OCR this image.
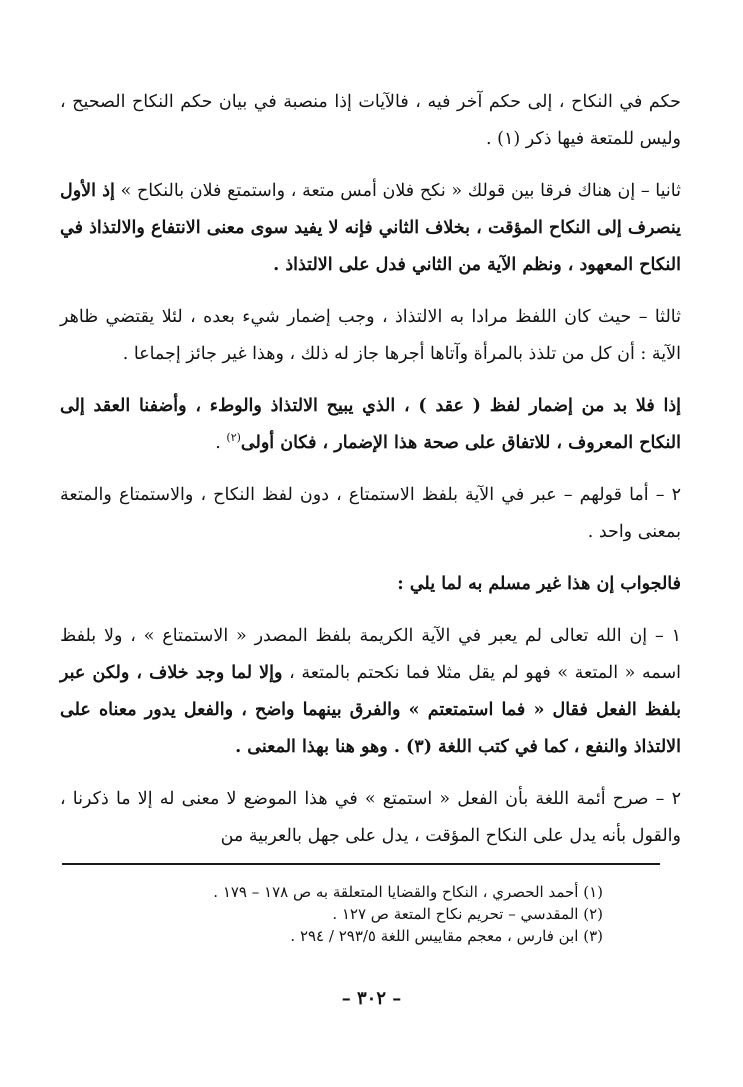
حكم في النكاح ، إلى حكم آخر فيه ، فالآيات إذا منصبة في بيان حكم النكاح الصحيح ، وليس للمتعة فيها ذكر (١) .

ثانيا – إن هناك فرقا بين قولك « نكح فلان أمس متعة ، واستمتع فلان بالنكاح » إذ الأول ينصرف إلى النكاح المؤقت ، بخلاف الثاني فإنه لا يفيد سوى معنى الانتفاع والالتذاذ في النكاح المعهود ، ونظم الآية من الثاني فدل على الالتذاذ .

ثالثا – حيث كان اللفظ مرادا به الالتذاذ ، وجب إضمار شيء بعده ، لئلا يقتضي ظاهر الآية : أن كل من تلذذ بالمرأة وآتاها أجرها جاز له ذلك ، وهذا غير جائز إجماعا .

إذا فلا بد من إضمار لفظ ( عقد ) ، الذي يبيح الالتذاذ والوطء ، وأضفنا العقد إلى النكاح المعروف ، للاتفاق على صحة هذا الإضمار ، فكان أولى$^{(٢)}$ .

٢ – أما قولهم – عبر في الآية بلفظ الاستمتاع ، دون لفظ النكاح ، والاستمتاع والمتعة بمعنى واحد .

فالجواب إن هذا غير مسلم به لما يلي :

١ – إن الله تعالى لم يعبر في الآية الكريمة بلفظ المصدر « الاستمتاع » ، ولا بلفظ اسمه « المتعة » فهو لم يقل مثلا فما نكحتم بالمتعة ، وإلا لما وجد خلاف ، ولكن عبر بلفظ الفعل فقال « فما استمتعتم » والفرق بينهما واضح ، والفعل يدور معناه على الالتذاذ والنفع ، كما في كتب اللغة (٣) . وهو هنا بهذا المعنى .

٢ – صرح أئمة اللغة بأن الفعل « استمتع » في هذا الموضع لا معنى له إلا ما ذكرنا ، والقول بأنه يدل على النكاح المؤقت ، يدل على جهل بالعربية من

(١) أحمد الحصري ، النكاح والقضايا المتعلقة به ص ١٧٨ – ١٧٩ .

(٢) المقدسي – تحريم نكاح المتعة ص ١٢٧ .

(٣) ابن فارس ، معجم مقاييس اللغة ٢٩٣/٥ / ٢٩٤ .

– ٣٠٢ –
